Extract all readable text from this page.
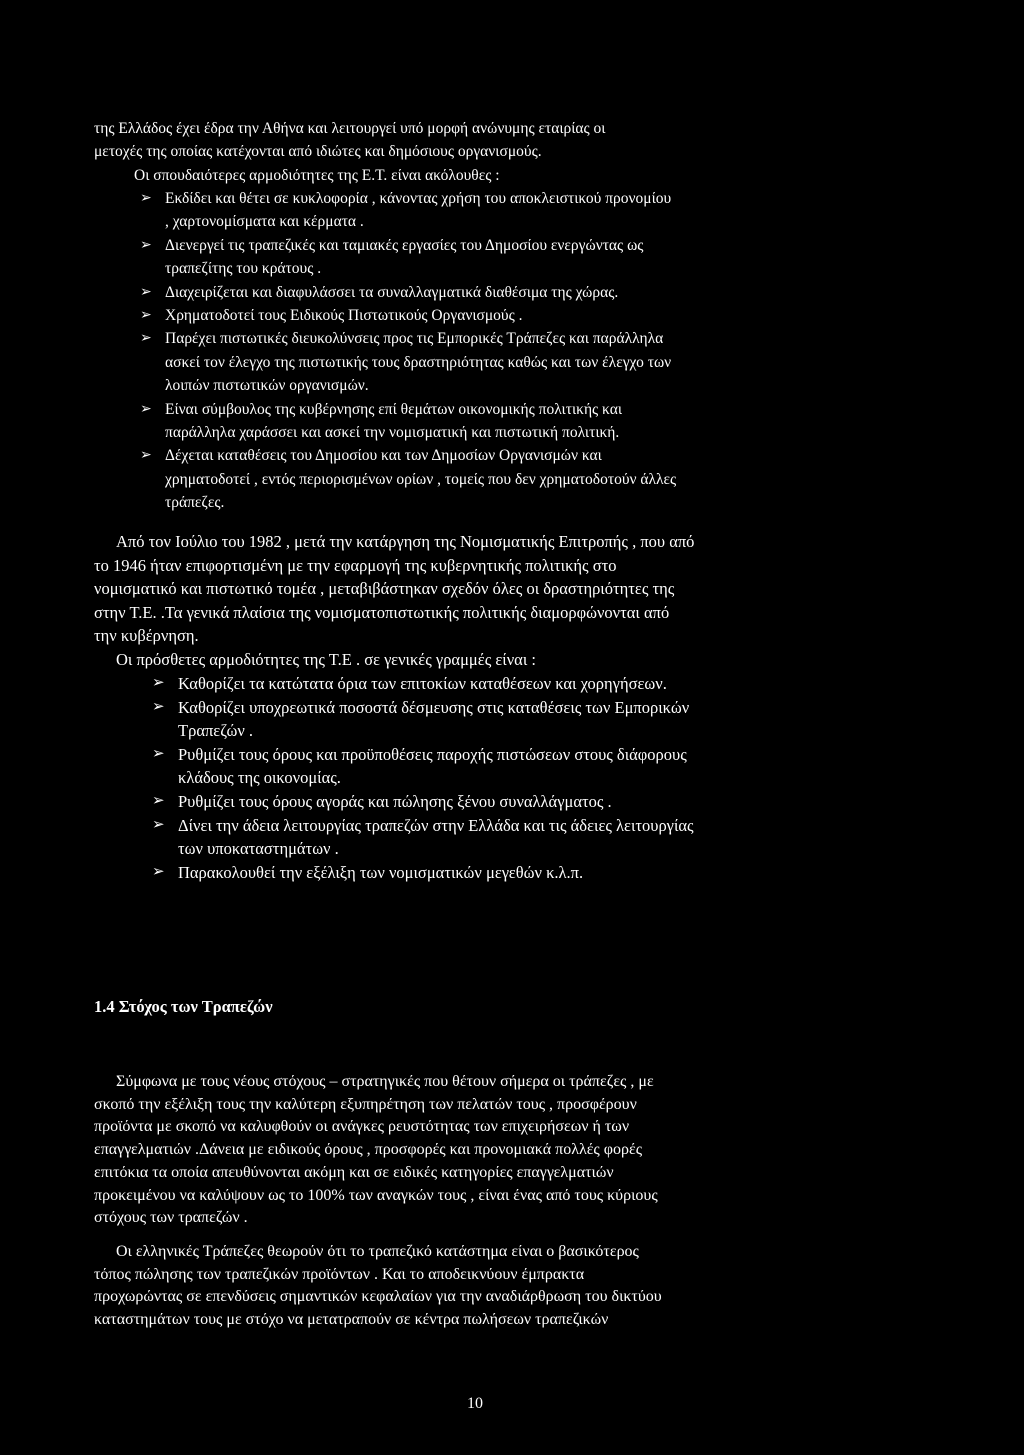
της Ελλάδος έχει έδρα την Αθήνα και λειτουργεί υπό μορφή ανώνυμης εταιρίας οι

μετοχές της οποίας κατέχονται από ιδιώτες και δημόσιους οργανισμούς.

Οι σπουδαιότερες αρμοδιότητες της Ε.Τ. είναι ακόλουθες :

➢ Εκδίδει και θέτει σε κυκλοφορία , κάνοντας χρήση του αποκλειστικού προνομίου

, χαρτονομίσματα και κέρματα .

➢ Διενεργεί τις τραπεζικές και ταμιακές εργασίες του Δημοσίου ενεργώντας ως

τραπεζίτης του κράτους .

➢ Διαχειρίζεται και διαφυλάσσει τα συναλλαγματικά διαθέσιμα της χώρας.

➢ Χρηματοδοτεί τους Ειδικούς Πιστωτικούς Οργανισμούς .

➢ Παρέχει πιστωτικές διευκολύνσεις προς τις Εμπορικές Τράπεζες και παράλληλα

ασκεί τον έλεγχο της πιστωτικής τους δραστηριότητας καθώς και των έλεγχο των

λοιπών πιστωτικών οργανισμών.

➢ Είναι σύμβουλος της κυβέρνησης επί θεμάτων οικονομικής πολιτικής και

παράλληλα χαράσσει και ασκεί την νομισματική και πιστωτική πολιτική.

➢ Δέχεται καταθέσεις του Δημοσίου και των Δημοσίων Οργανισμών και

χρηματοδοτεί , εντός περιορισμένων ορίων , τομείς που δεν χρηματοδοτούν άλλες

τράπεζες.

Από τον Ιούλιο του 1982 , μετά την κατάργηση της Νομισματικής Επιτροπής , που από

το 1946 ήταν επιφορτισμένη με την εφαρμογή της κυβερνητικής πολιτικής στο

νομισματικό και πιστωτικό τομέα , μεταβιβάστηκαν σχεδόν όλες οι δραστηριότητες της

στην Τ.Ε. .Τα γενικά πλαίσια της νομισματοπιστωτικής πολιτικής διαμορφώνονται από

την κυβέρνηση.

Οι πρόσθετες αρμοδιότητες της Τ.Ε . σε γενικές γραμμές είναι :

➢ Καθορίζει τα κατώτατα όρια των επιτοκίων καταθέσεων και χορηγήσεων.

➢ Καθορίζει υποχρεωτικά ποσοστά δέσμευσης στις καταθέσεις των Εμπορικών

Τραπεζών .

➢ Ρυθμίζει τους όρους και προϋποθέσεις παροχής πιστώσεων στους διάφορους

κλάδους της οικονομίας.

➢ Ρυθμίζει τους όρους αγοράς και πώλησης ξένου συναλλάγματος .

➢ Δίνει την άδεια λειτουργίας τραπεζών στην Ελλάδα και τις άδειες λειτουργίας

των υποκαταστημάτων .

➢ Παρακολουθεί την εξέλιξη των νομισματικών μεγεθών κ.λ.π.

1.4 Στόχος των Τραπεζών

Σύμφωνα με τους νέους στόχους – στρατηγικές που θέτουν σήμερα οι τράπεζες , με

σκοπό την εξέλιξη τους την καλύτερη εξυπηρέτηση των πελατών τους , προσφέρουν

προϊόντα με σκοπό να καλυφθούν οι ανάγκες ρευστότητας των επιχειρήσεων ή των

επαγγελματιών .Δάνεια με ειδικούς όρους , προσφορές και προνομιακά πολλές φορές

επιτόκια τα οποία απευθύνονται ακόμη και σε ειδικές κατηγορίες επαγγελματιών

προκειμένου να καλύψουν ως το 100% των αναγκών τους , είναι ένας από τους κύριους

στόχους των τραπεζών .

Οι ελληνικές Τράπεζες θεωρούν ότι το τραπεζικό κατάστημα είναι ο βασικότερος

τόπος πώλησης των τραπεζικών προϊόντων . Και το αποδεικνύουν έμπρακτα

προχωρώντας σε επενδύσεις σημαντικών κεφαλαίων για την αναδιάρθρωση του δικτύου

καταστημάτων τους με στόχο να μετατραπούν σε κέντρα πωλήσεων τραπεζικών

10
